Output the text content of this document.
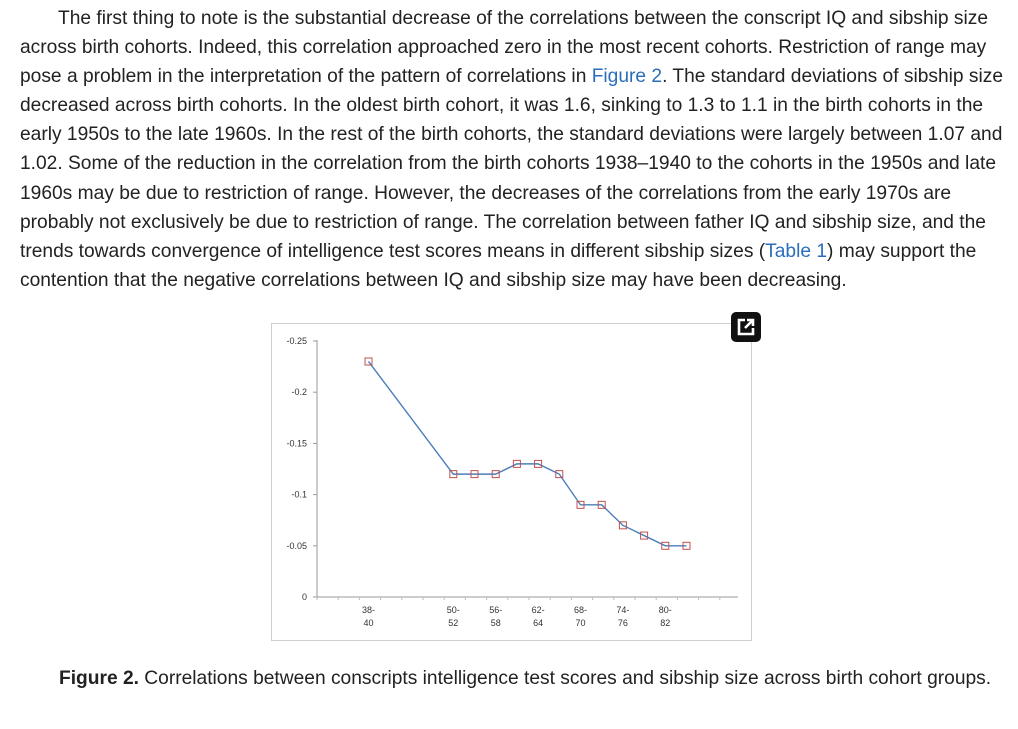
The first thing to note is the substantial decrease of the correlations between the conscript IQ and sibship size across birth cohorts. Indeed, this correlation approached zero in the most recent cohorts. Restriction of range may pose a problem in the interpretation of the pattern of correlations in Figure 2. The standard deviations of sibship size decreased across birth cohorts. In the oldest birth cohort, it was 1.6, sinking to 1.3 to 1.1 in the birth cohorts in the early 1950s to the late 1960s. In the rest of the birth cohorts, the standard deviations were largely between 1.07 and 1.02. Some of the reduction in the correlation from the birth cohorts 1938–1940 to the cohorts in the 1950s and late 1960s may be due to restriction of range. However, the decreases of the correlations from the early 1970s are probably not exclusively be due to restriction of range. The correlation between father IQ and sibship size, and the trends towards convergence of intelligence test scores means in different sibship sizes (Table 1) may support the contention that the negative correlations between IQ and sibship size may have been decreasing.

-0.25
-0.2
-0.15
-0.1
-0.05
0
38-
40
50-
52
56-
58
62-
64
68-
70
74-
76
80-
82

Figure 2. Correlations between conscripts intelligence test scores and sibship size across birth cohort groups.
